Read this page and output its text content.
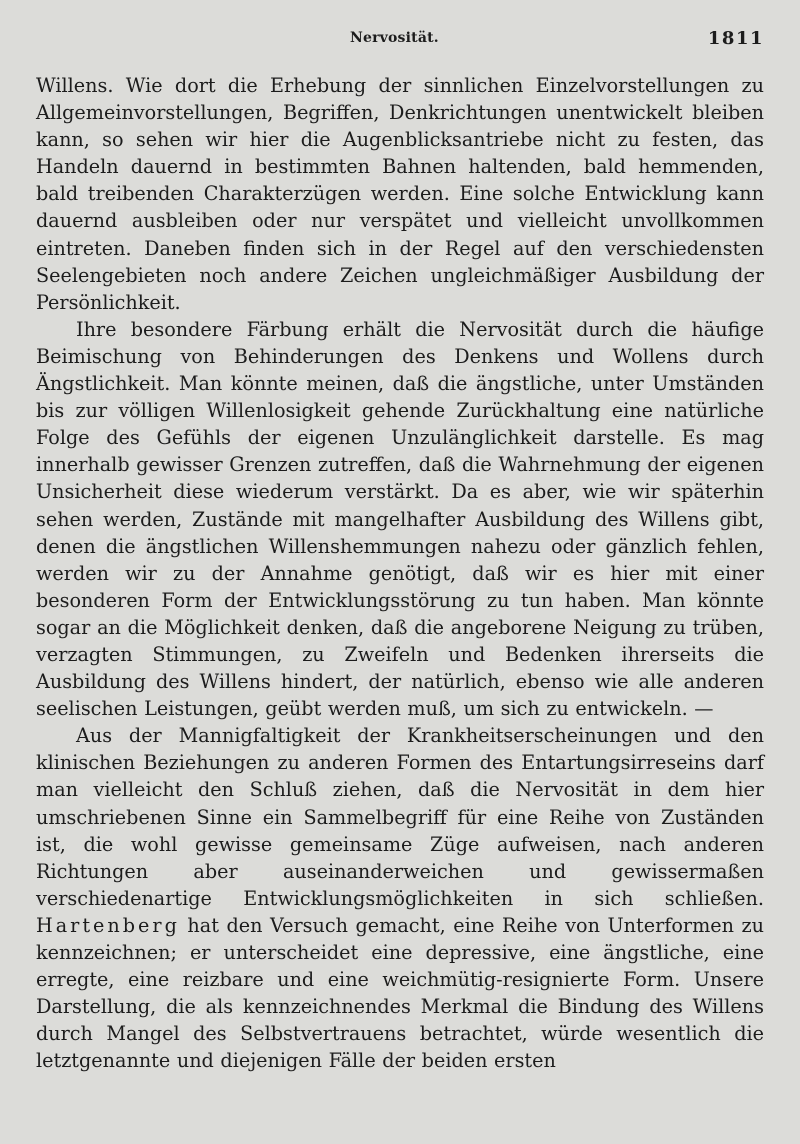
Nervosität.	1811

Willens. Wie dort die Erhebung der sinnlichen Einzelvorstellungen zu Allgemeinvorstellungen, Begriffen, Denkrichtungen unentwickelt bleiben kann, so sehen wir hier die Augenblicksantriebe nicht zu festen, das Handeln dauernd in bestimmten Bahnen haltenden, bald hemmenden, bald treibenden Charakterzügen werden. Eine solche Entwicklung kann dauernd ausbleiben oder nur verspätet und vielleicht unvollkommen eintreten. Daneben finden sich in der Regel auf den verschiedensten Seelengebieten noch andere Zeichen ungleichmäßiger Ausbildung der Persönlichkeit.

Ihre besondere Färbung erhält die Nervosität durch die häufige Beimischung von Behinderungen des Denkens und Wollens durch Ängstlichkeit. Man könnte meinen, daß die ängstliche, unter Umständen bis zur völligen Willenlosigkeit gehende Zurückhaltung eine natürliche Folge des Gefühls der eigenen Unzulänglichkeit darstelle. Es mag innerhalb gewisser Grenzen zutreffen, daß die Wahrnehmung der eigenen Unsicherheit diese wiederum verstärkt. Da es aber, wie wir späterhin sehen werden, Zustände mit mangelhafter Ausbildung des Willens gibt, denen die ängstlichen Willenshemmungen nahezu oder gänzlich fehlen, werden wir zu der Annahme genötigt, daß wir es hier mit einer besonderen Form der Entwicklungsstörung zu tun haben. Man könnte sogar an die Möglichkeit denken, daß die angeborene Neigung zu trüben, verzagten Stimmungen, zu Zweifeln und Bedenken ihrerseits die Ausbildung des Willens hindert, der natürlich, ebenso wie alle anderen seelischen Leistungen, geübt werden muß, um sich zu entwickeln. —

Aus der Mannigfaltigkeit der Krankheitserscheinungen und den klinischen Beziehungen zu anderen Formen des Entartungsirreseins darf man vielleicht den Schluß ziehen, daß die Nervosität in dem hier umschriebenen Sinne ein Sammelbegriff für eine Reihe von Zuständen ist, die wohl gewisse gemeinsame Züge aufweisen, nach anderen Richtungen aber auseinanderweichen und gewissermaßen verschiedenartige Entwicklungsmöglichkeiten in sich schließen. Hartenberg hat den Versuch gemacht, eine Reihe von Unterformen zu kennzeichnen; er unterscheidet eine depressive, eine ängstliche, eine erregte, eine reizbare und eine weichmütig-resignierte Form. Unsere Darstellung, die als kennzeichnendes Merkmal die Bindung des Willens durch Mangel des Selbstvertrauens betrachtet, würde wesentlich die letztgenannte und diejenigen Fälle der beiden ersten
